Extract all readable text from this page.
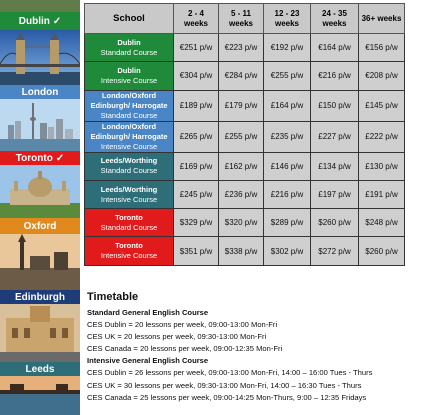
Dublin ✓
London
Toronto ✓
Oxford
Edinburgh
Leeds
School	2 - 4 weeks	5 - 11 weeks	12 - 23 weeks	24 - 35 weeks	36+ weeks
Dublin
Standard Course	€251 p/w	€223 p/w	€192 p/w	€164 p/w	€156 p/w
Dublin
Intensive Course	€304 p/w	€284 p/w	€255 p/w	€216 p/w	€208 p/w
London/Oxford Edinburgh/ Harrogate
Standard Course	£189 p/w	£179 p/w	£164 p/w	£150 p/w	£145 p/w
London/Oxford Edinburgh/ Harrogate
Intensive Course	£265 p/w	£255 p/w	£235 p/w	£227 p/w	£222 p/w
Leeds/Worthing
Standard Course	£169 p/w	£162 p/w	£146 p/w	£134 p/w	£130 p/w
Leeds/Worthing
Intensive Course	£245 p/w	£236 p/w	£216 p/w	£197 p/w	£191 p/w
Toronto
Standard Course	$329 p/w	$320 p/w	$289 p/w	$260 p/w	$248 p/w
Toronto
Intensive Course	$351 p/w	$338 p/w	$302 p/w	$272 p/w	$260 p/w
Timetable
Standard General English Course
CES Dublin = 20 lessons per week, 09:00-13:00 Mon-Fri
CES UK = 20 lessons per week, 09:30-13:00 Mon-Fri
CES Canada = 20 lessons per week, 09:00-12:35 Mon-Fri
Intensive General English Course
CES Dublin = 26 lessons per week, 09:00-13:00 Mon-Fri, 14:00 – 16:00 Tues - Thurs
CES UK = 30 lessons per week, 09:30-13:00 Mon-Fri, 14:00 – 16:30 Tues - Thurs
CES Canada = 25 lessons per week, 09:00-14:25 Mon-Thurs, 9:00 – 12:35 Fridays
